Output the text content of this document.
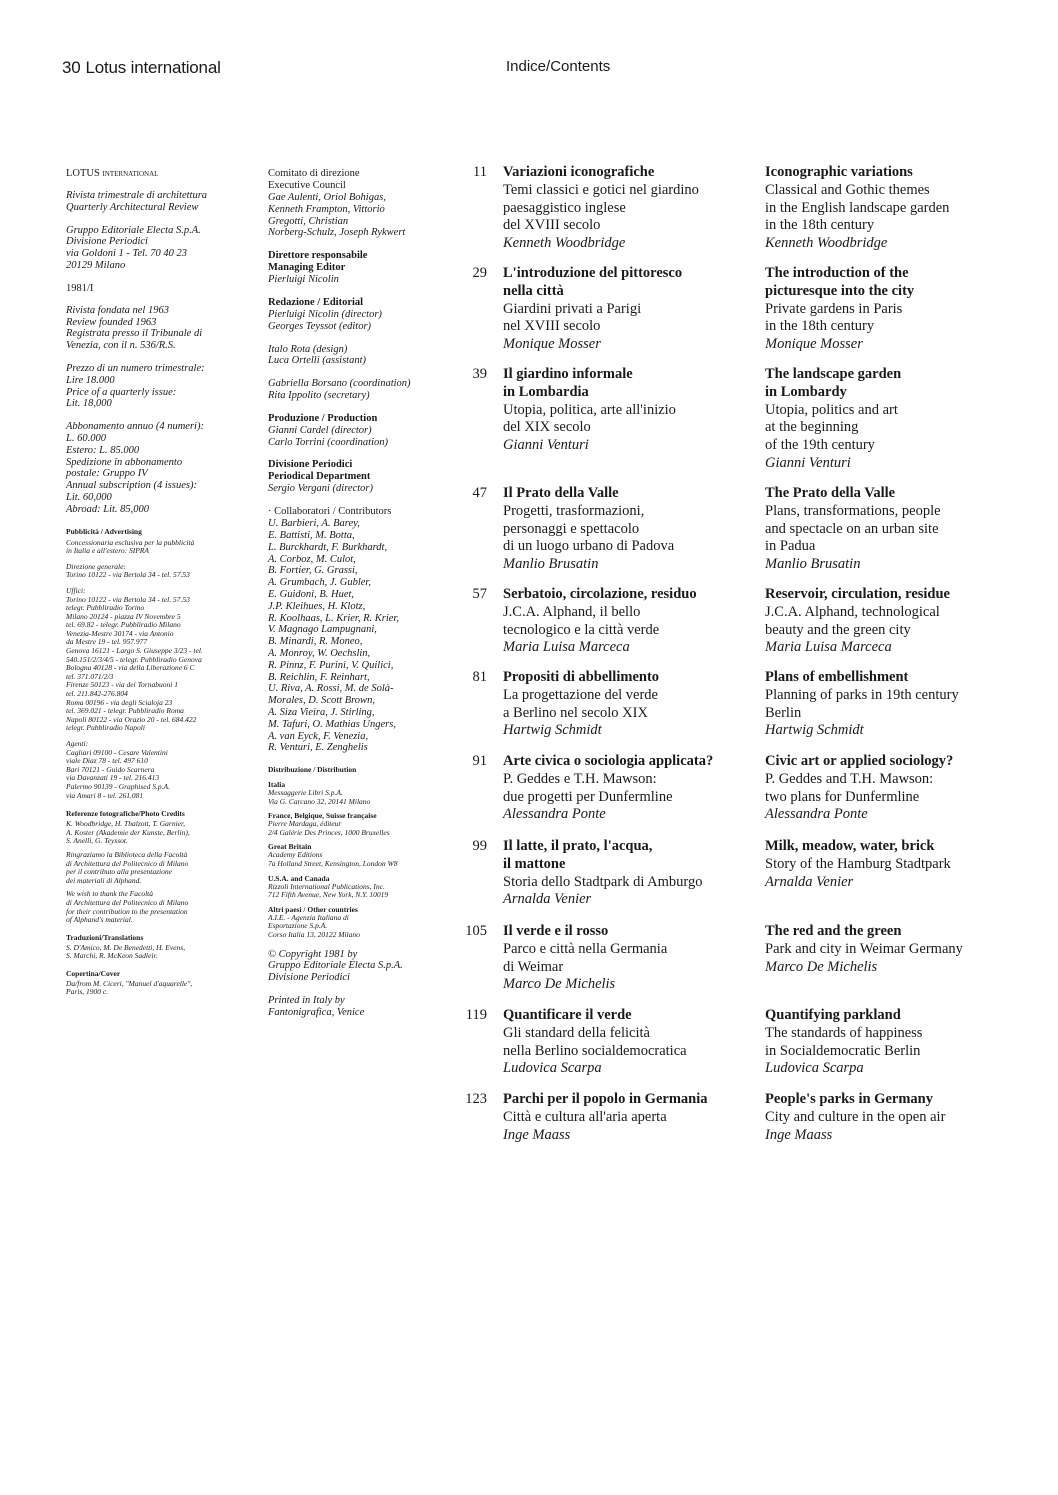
30 Lotus international	Indice/Contents
LOTUS international
Rivista trimestrale di architettura
Quarterly Architectural Review
Gruppo Editoriale Electa S.p.A.
Divisione Periodici
via Goldoni 1 - Tel. 70 40 23
20129 Milano
1981/I
Rivista fondata nel 1963
Review founded 1963
Registrata presso il Tribunale di
Venezia, con il n. 536/R.S.
Prezzo di un numero trimestrale:
Lire 18.000
Price of a quarterly issue:
Lit. 18,000
Abbonamento annuo (4 numeri):
L. 60.000
Estero: L. 85.000
Spedizione in abbonamento
postale: Gruppo IV
Annual subscription (4 issues):
Lit. 60,000
Abroad: Lit. 85,000
Pubblicità / Advertising
Concessionaria esclusiva per la pubblicità
in Italia e all'estero: SIPRA
Direzione generale:
Torino 10122 - via Bertola 34 - tel. 57.53
Uffici:
Torino 10122 - via Bertola 34 - tel. 57.53
telegr. Pubbliradio Torino
Milano 20124 - piazza IV Novembre 5
tel. 69.82 - telegr. Pubbliradio Milano
Venezia-Mestre 30174 - via Antonio
da Mestre 19 - tel. 957.977
Genova 16121 - Largo S. Giuseppe 3/23 - tel.
540.151/2/3/4/5 - telegr. Pubbliradio Genova
Bologna 40128 - via della Liberazione 6 C
tel. 371.071/2/3
Firenze 50123 - via dei Tornabuoni 1
tel. 211.842-276.804
Roma 00196 - via degli Scialoja 23
tel. 369.021 - telegr. Pubbliradio Roma
Napoli 80122 - via Orazio 20 - tel. 684.422
telegr. Pubbliradio Napoli
Agenti:
Cagliari 09100 - Cesare Valentini
viale Diaz 78 - tel. 497 610
Bari 70121 - Guido Scarnera
via Davanzati 19 - tel. 216.413
Palermo 90139 - Graphised S.p.A.
via Amari 8 - tel. 261.081
Referenze fotografiche/Photo Credits
K. Woodbridge, H. Thalzott, T. Garnier,
A. Koster (Akademie der Kunste, Berlin),
S. Anelli, G. Teyssot.
Ringraziamo la Biblioteca della Facoltà
di Architettura del Politecnico di Milano
per il contributo alla presentazione
dei materiali di Alphand.
We wish to thank the Facoltà
di Architettura del Politecnico di Milano
for their contribution to the presentation
of Alphand's material.
Traduzioni/Translations
S. D'Amico, M. De Benedetti, H. Evens,
S. Marchi, R. McKeon Sadleir.
Copertina/Cover
Da/from M. Ciceri, "Manuel d'aquarelle",
Paris, 1900 c.
Comitato di direzione
Executive Council
Gae Aulenti, Oriol Bohigas,
Kenneth Frampton, Vittorio
Gregotti, Christian
Norberg-Schulz, Joseph Rykwert
Direttore responsabile
Managing Editor
Pierluigi Nicolin
Redazione / Editorial
Pierluigi Nicolin (director)
Georges Teyssot (editor)
Italo Rota (design)
Luca Ortelli (assistant)
Gabriella Borsano (coordination)
Rita Ippolito (secretary)
Produzione / Production
Gianni Cardel (director)
Carlo Torrini (coordination)
Divisione Periodici
Periodical Department
Sergio Vergani (director)
· Collaboratori / Contributors
U. Barbieri, A. Barey,
E. Battisti, M. Botta,
L. Burckhardt, F. Burkhardt,
A. Corboz, M. Culot,
B. Fortier, G. Grassi,
A. Grumbach, J. Gubler,
E. Guidoni, B. Huet,
J.P. Kleihues, H. Klotz,
R. Koolhaas, L. Krier, R. Krier,
V. Magnago Lampugnani,
B. Minardi, R. Moneo,
A. Monroy, W. Oechslin,
R. Pinnz, F. Purini, V. Quilici,
B. Reichlin, F. Reinhart,
U. Riva, A. Rossi, M. de Solà-
Morales, D. Scott Brown,
A. Siza Vieira, J. Stirling,
M. Tafuri, O. Mathias Ungers,
A. van Eyck, F. Venezia,
R. Venturi, E. Zenghelis
Distribuzione / Distribution
Italia
Messaggerie Libri S.p.A.
Via G. Carcano 32, 20141 Milano
France, Belgique, Suisse française
Pierre Mardaga, éditeur
2/4 Galérie Des Princes, 1000 Bruxelles
Great Britain
Academy Editions
7a Holland Street, Kensington, London W8
U.S.A. and Canada
Rizzoli International Publications, Inc.
712 Fifth Avenue, New York, N.Y. 10019
Altri paesi / Other countries
A.I.E. - Agenzia Italiana di
Esportazione S.p.A.
Corso Italia 13, 20122 Milano
© Copyright 1981 by
Gruppo Editoriale Electa S.p.A.
Divisione Periodici
Printed in Italy by
Fantonigrafica, Venice
11 Variazioni iconografiche
Temi classici e gotici nel giardino
paesaggistico inglese
del XVIII secolo
Kenneth Woodbridge
Iconographic variations
Classical and Gothic themes
in the English landscape garden
in the 18th century
Kenneth Woodbridge
29 L'introduzione del pittoresco
nella città
Giardini privati a Parigi
nel XVIII secolo
Monique Mosser
The introduction of the
picturesque into the city
Private gardens in Paris
in the 18th century
Monique Mosser
39 Il giardino informale
in Lombardia
Utopia, politica, arte all'inizio
del XIX secolo
Gianni Venturi
The landscape garden
in Lombardy
Utopia, politics and art
at the beginning
of the 19th century
Gianni Venturi
47 Il Prato della Valle
Progetti, trasformazioni,
personaggi e spettacolo
di un luogo urbano di Padova
Manlio Brusatin
The Prato della Valle
Plans, transformations, people
and spectacle on an urban site
in Padua
Manlio Brusatin
57 Serbatoio, circolazione, residuo
J.C.A. Alphand, il bello
tecnologico e la città verde
Maria Luisa Marceca
Reservoir, circulation, residue
J.C.A. Alphand, technological
beauty and the green city
Maria Luisa Marceca
81 Propositi di abbellimento
La progettazione del verde
a Berlino nel secolo XIX
Hartwig Schmidt
Plans of embellishment
Planning of parks in 19th century
Berlin
Hartwig Schmidt
91 Arte civica o sociologia applicata?
P. Geddes e T.H. Mawson:
due progetti per Dunfermline
Alessandra Ponte
Civic art or applied sociology?
P. Geddes and T.H. Mawson:
two plans for Dunfermline
Alessandra Ponte
99 Il latte, il prato, l'acqua,
il mattone
Storia dello Stadtpark di Amburgo
Arnalda Venier
Milk, meadow, water, brick
Story of the Hamburg Stadtpark
Arnalda Venier
105 Il verde e il rosso
Parco e città nella Germania
di Weimar
Marco De Michelis
The red and the green
Park and city in Weimar Germany
Marco De Michelis
119 Quantificare il verde
Gli standard della felicità
nella Berlino socialdemocratica
Ludovica Scarpa
Quantifying parkland
The standards of happiness
in Socialdemocratic Berlin
Ludovica Scarpa
123 Parchi per il popolo in Germania
Città e cultura all'aria aperta
Inge Maass
People's parks in Germany
City and culture in the open air
Inge Maass
